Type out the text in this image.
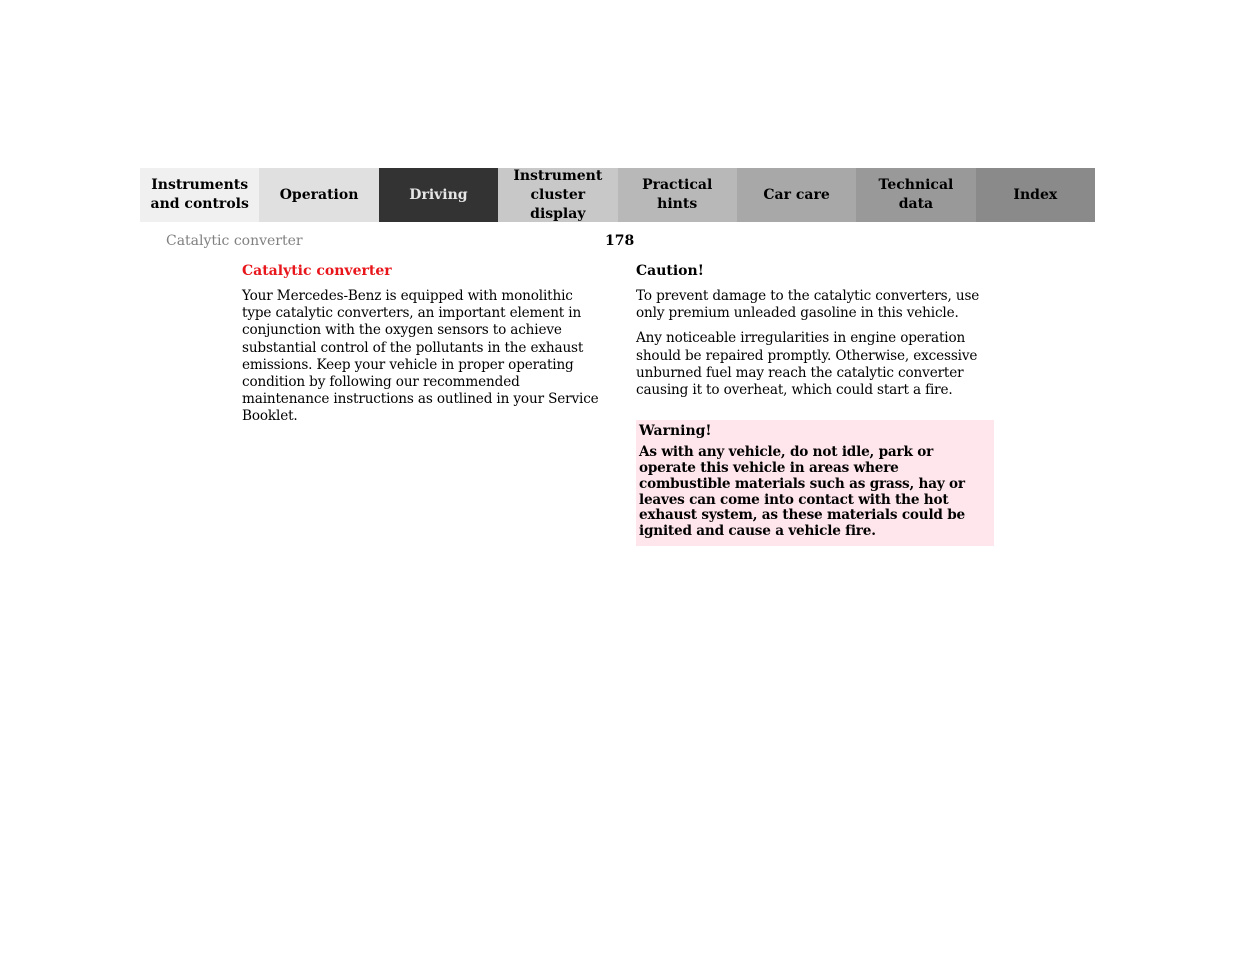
Instruments
and controls
Operation	Driving
Instrument
cluster display
Practical hints
Car care
Technical
data
Index
Catalytic converter	178
Catalytic converter
Your Mercedes-Benz is equipped with monolithic type catalytic converters, an important element in conjunction with the oxygen sensors to achieve substantial control of the pollutants in the exhaust emissions. Keep your vehicle in proper operating condition by following our recommended maintenance instructions as outlined in your Service Booklet.
Caution!
To prevent damage to the catalytic converters, use only premium unleaded gasoline in this vehicle.
Any noticeable irregularities in engine operation should be repaired promptly. Otherwise, excessive unburned fuel may reach the catalytic converter causing it to overheat, which could start a fire.
Warning!
As with any vehicle, do not idle, park or operate this vehicle in areas where combustible materials such as grass, hay or leaves can come into contact with the hot exhaust system, as these materials could be ignited and cause a vehicle fire.
